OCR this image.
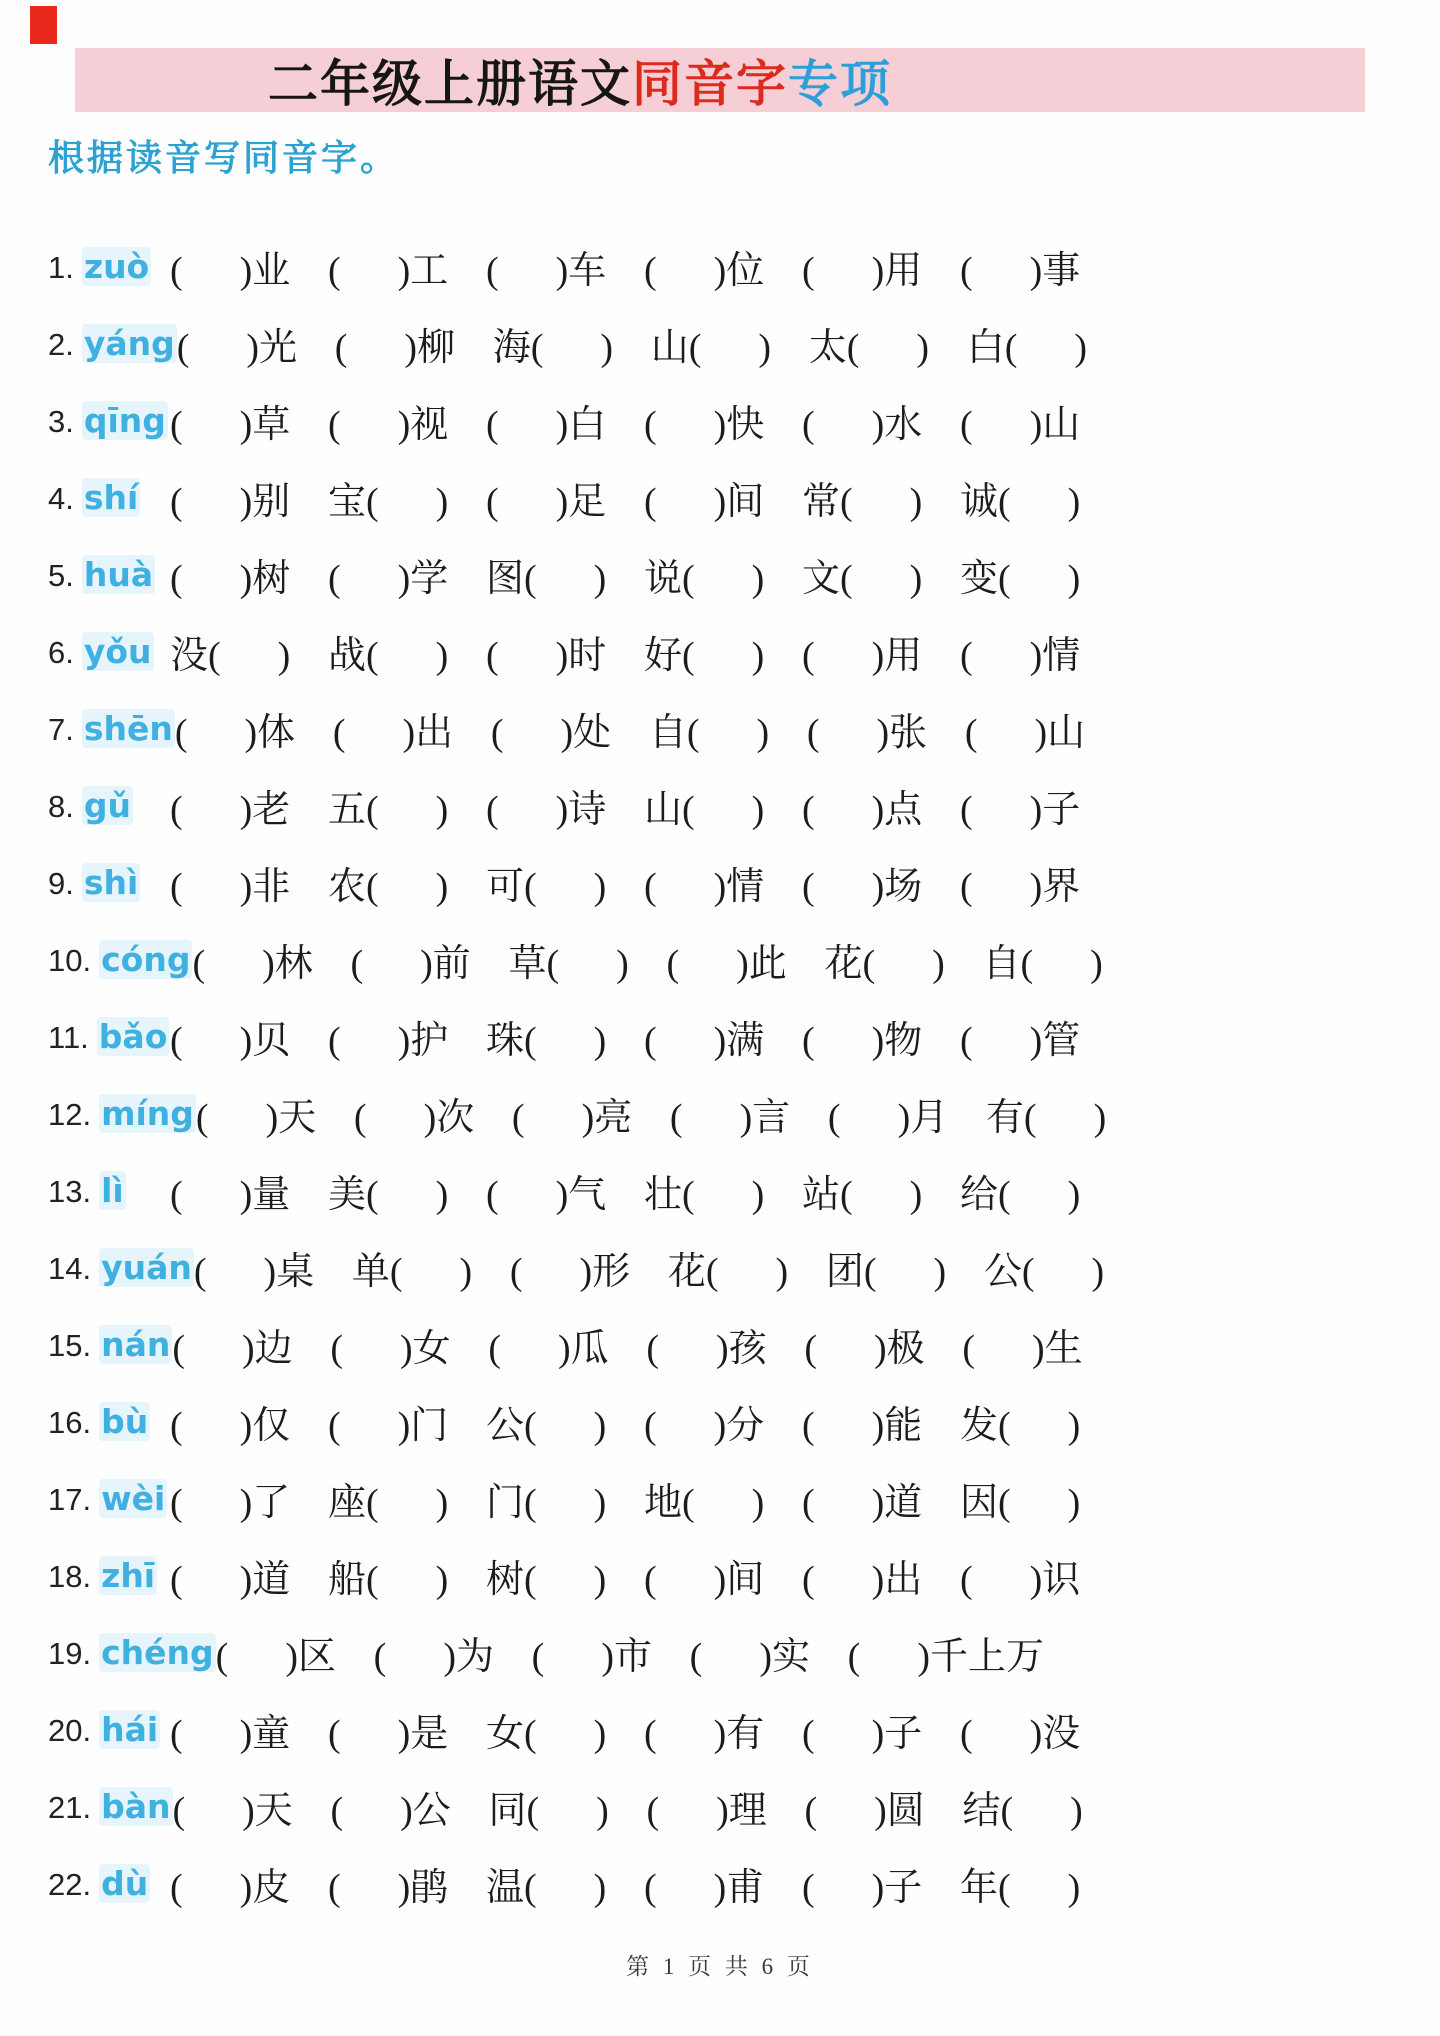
二年级上册语文 同音字 专项
根据读音写同音字。
1. zuò (  )业 (  )工 (  )车 (  )位 (  )用 (  )事
2. yáng (  )光 (  )柳 海(  ) 山(  ) 太(  ) 白(  )
3. qīng (  )草 (  )视 (  )白 (  )快 (  )水 (  )山
4. shí (  )别 宝(  ) (  )足 (  )间 常(  ) 诚(  )
5. huà (  )树 (  )学 图(  ) 说(  ) 文(  ) 变(  )
6. yǒu 没(  ) 战(  ) (  )时 好(  ) (  )用 (  )情
7. shēn (  )体 (  )出 (  )处 自(  ) (  )张 (  )山
8. gǔ (  )老 五(  ) (  )诗 山(  ) (  )点 (  )子
9. shì (  )非 农(  ) 可(  ) (  )情 (  )场 (  )界
10. cóng (  )林 (  )前 草(  ) (  )此 花(  ) 自(  )
11. bǎo (  )贝 (  )护 珠(  ) (  )满 (  )物 (  )管
12. míng (  )天 (  )次 (  )亮 (  )言 (  )月 有(  )
13. lì (  )量 美(  ) (  )气 壮(  ) 站(  ) 给(  )
14. yuán (  )桌 单(  ) (  )形 花(  ) 团(  ) 公(  )
15. nán (  )边 (  )女 (  )瓜 (  )孩 (  )极 (  )生
16. bù (  )仅 (  )门 公(  ) (  )分 (  )能 发(  )
17. wèi (  )了 座(  ) 门(  ) 地(  ) (  )道 因(  )
18. zhī (  )道 船(  ) 树(  ) (  )间 (  )出 (  )识
19. chéng (  )区 (  )为 (  )市 (  )实 (  )千上万
20. hái (  )童 (  )是 女(  ) (  )有 (  )子 (  )没
21. bàn (  )天 (  )公 同(  ) (  )理 (  )圆 结(  )
22. dù (  )皮 (  )鹃 温(  ) (  )甫 (  )子 年(  )
第 1 页 共 6 页
